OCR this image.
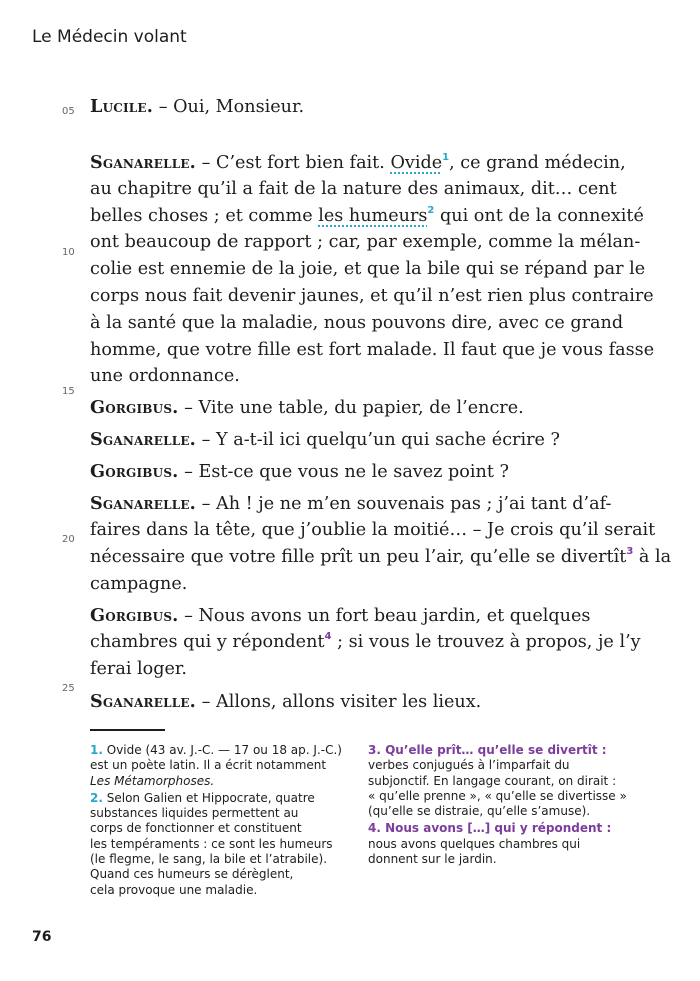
Le Médecin volant
05
10
15
20
25
Lucile. – Oui, Monsieur.
Sganarelle. – C’est fort bien fait. Ovide$^1$, ce grand médecin,
au chapitre qu’il a fait de la nature des animaux, dit… cent
belles choses ; et comme les humeurs$^2$ qui ont de la connexité
ont beaucoup de rapport ; car, par exemple, comme la mélan-
colie est ennemie de la joie, et que la bile qui se répand par le
corps nous fait devenir jaunes, et qu’il n’est rien plus contraire
à la santé que la maladie, nous pouvons dire, avec ce grand
homme, que votre fille est fort malade. Il faut que je vous fasse
une ordonnance.
Gorgibus. – Vite une table, du papier, de l’encre.
Sganarelle. – Y a-t-il ici quelqu’un qui sache écrire ?
Gorgibus. – Est-ce que vous ne le savez point ?
Sganarelle. – Ah ! je ne m’en souvenais pas ; j’ai tant d’af-
faires dans la tête, que j’oublie la moitié… – Je crois qu’il serait
nécessaire que votre fille prît un peu l’air, qu’elle se divertît$^3$ à la
campagne.
Gorgibus. – Nous avons un fort beau jardin, et quelques
chambres qui y répondent$^4$ ; si vous le trouvez à propos, je l’y
ferai loger.
Sganarelle. – Allons, allons visiter les lieux.

1. Ovide (43 av. J.-C. — 17 ou 18 ap. J.-C.)
est un poète latin. Il a écrit notamment
Les Métamorphoses.

2. Selon Galien et Hippocrate, quatre
substances liquides permettent au
corps de fonctionner et constituent
les tempéraments : ce sont les humeurs
(le flegme, le sang, la bile et l’atrabile).
Quand ces humeurs se dérèglent,
cela provoque une maladie.

3. Qu’elle prît… qu’elle se divertît :
verbes conjugués à l’imparfait du
subjonctif. En langage courant, on dirait :
« qu’elle prenne », « qu’elle se divertisse »
(qu’elle se distraie, qu’elle s’amuse).

4. Nous avons […] qui y répondent :
nous avons quelques chambres qui
donnent sur le jardin.

76
